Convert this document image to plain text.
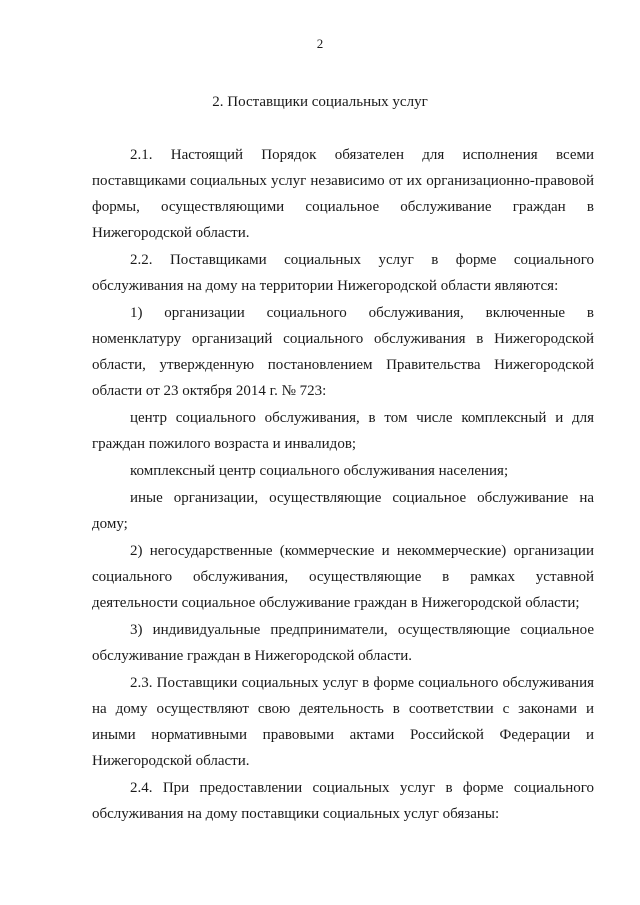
2
2. Поставщики социальных услуг

2.1. Настоящий Порядок обязателен для исполнения всеми поставщиками социальных услуг независимо от их организационно-правовой формы, осуществляющими социальное обслуживание граждан в Нижегородской области.

2.2. Поставщиками социальных услуг в форме социального обслуживания на дому на территории Нижегородской области являются:

1) организации социального обслуживания, включенные в номенклатуру организаций социального обслуживания в Нижегородской области, утвержденную постановлением Правительства Нижегородской области от 23 октября 2014 г. № 723:

центр социального обслуживания, в том числе комплексный и для граждан пожилого возраста и инвалидов;

комплексный центр социального обслуживания населения;

иные организации, осуществляющие социальное обслуживание на дому;

2) негосударственные (коммерческие и некоммерческие) организации социального обслуживания, осуществляющие в рамках уставной деятельности социальное обслуживание граждан в Нижегородской области;

3) индивидуальные предприниматели, осуществляющие социальное обслуживание граждан в Нижегородской области.

2.3. Поставщики социальных услуг в форме социального обслуживания на дому осуществляют свою деятельность в соответствии с законами и иными нормативными правовыми актами Российской Федерации и Нижегородской области.

2.4. При предоставлении социальных услуг в форме социального обслуживания на дому поставщики социальных услуг обязаны:
